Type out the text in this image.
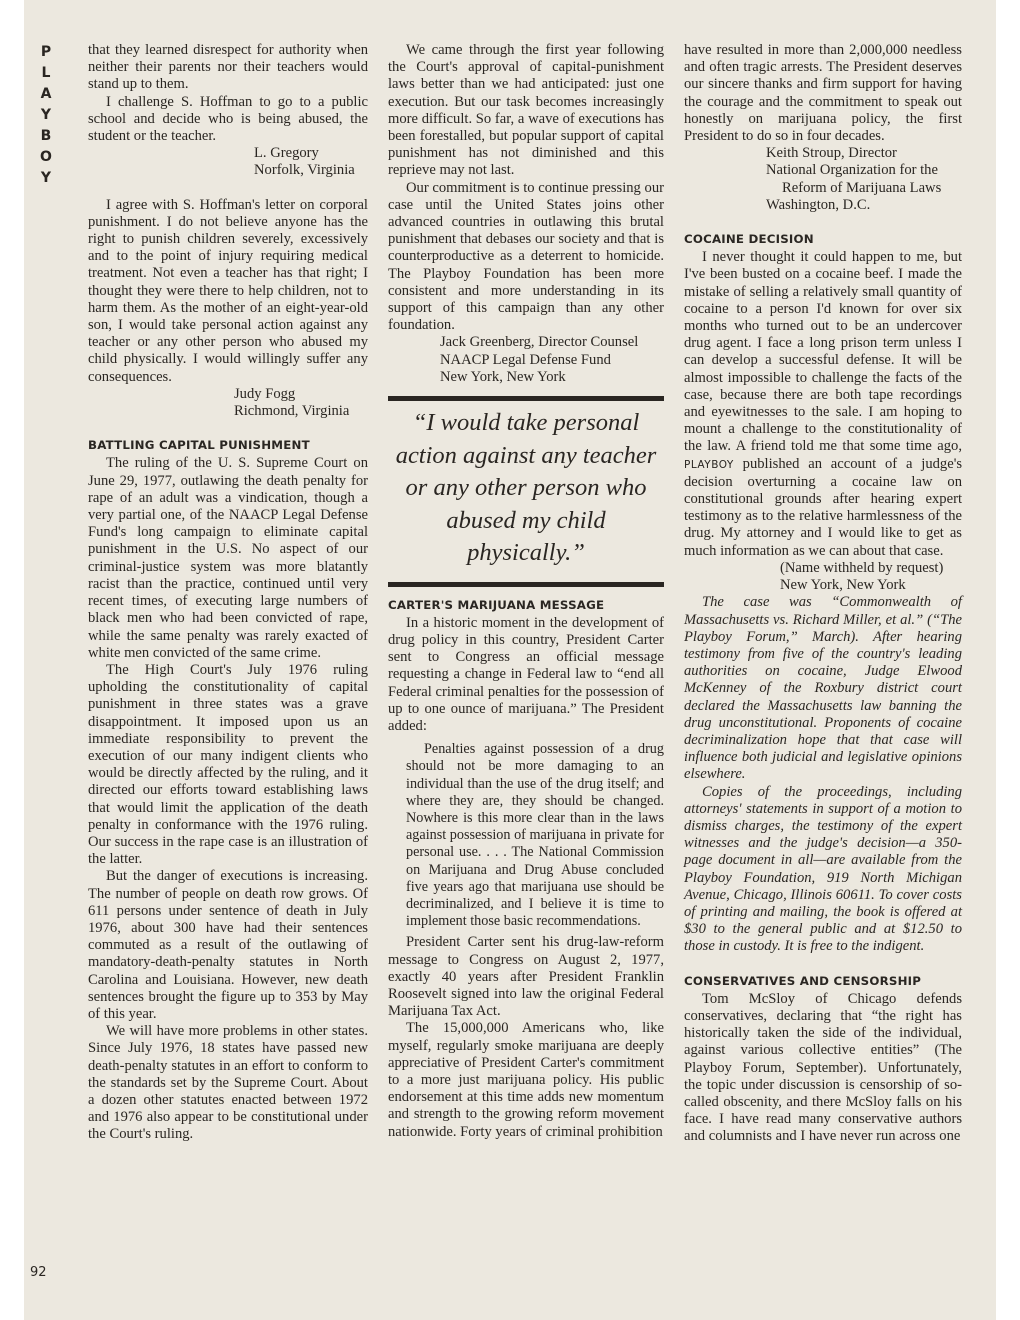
P
L
A
Y
B
O
Y
92

that they learned disrespect for authority when neither their parents nor their teachers would stand up to them.

I challenge S. Hoffman to go to a public school and decide who is being abused, the student or the teacher.

L. Gregory
Norfolk, Virginia

I agree with S. Hoffman's letter on corporal punishment. I do not believe anyone has the right to punish children severely, excessively and to the point of injury requiring medical treatment. Not even a teacher has that right; I thought they were there to help children, not to harm them. As the mother of an eight-year-old son, I would take personal action against any teacher or any other person who abused my child physically. I would willingly suffer any consequences.

Judy Fogg
Richmond, Virginia
BATTLING CAPITAL PUNISHMENT

The ruling of the U. S. Supreme Court on June 29, 1977, outlawing the death penalty for rape of an adult was a vindication, though a very partial one, of the NAACP Legal Defense Fund's long campaign to eliminate capital punishment in the U.S. No aspect of our criminal-justice system was more blatantly racist than the practice, continued until very recent times, of executing large numbers of black men who had been convicted of rape, while the same penalty was rarely exacted of white men convicted of the same crime.

The High Court's July 1976 ruling upholding the constitutionality of capital punishment in three states was a grave disappointment. It imposed upon us an immediate responsibility to prevent the execution of our many indigent clients who would be directly affected by the ruling, and it directed our efforts toward establishing laws that would limit the application of the death penalty in conformance with the 1976 ruling. Our success in the rape case is an illustration of the latter.

But the danger of executions is increasing. The number of people on death row grows. Of 611 persons under sentence of death in July 1976, about 300 have had their sentences commuted as a result of the outlawing of mandatory-death-penalty statutes in North Carolina and Louisiana. However, new death sentences brought the figure up to 353 by May of this year.

We will have more problems in other states. Since July 1976, 18 states have passed new death-penalty statutes in an effort to conform to the standards set by the Supreme Court. About a dozen other statutes enacted between 1972 and 1976 also appear to be constitutional under the Court's ruling.

We came through the first year following the Court's approval of capital-punishment laws better than we had anticipated: just one execution. But our task becomes increasingly more difficult. So far, a wave of executions has been forestalled, but popular support of capital punishment has not diminished and this reprieve may not last.

Our commitment is to continue pressing our case until the United States joins other advanced countries in outlawing this brutal punishment that debases our society and that is counterproductive as a deterrent to homicide. The Playboy Foundation has been more consistent and more understanding in its support of this campaign than any other foundation.

Jack Greenberg, Director Counsel
NAACP Legal Defense Fund
New York, New York
“I would take personal action against any teacher or any other person who abused my child physically.”
CARTER'S MARIJUANA MESSAGE

In a historic moment in the development of drug policy in this country, President Carter sent to Congress an official message requesting a change in Federal law to “end all Federal criminal penalties for the possession of up to one ounce of marijuana.” The President added:

Penalties against possession of a drug should not be more damaging to an individual than the use of the drug itself; and where they are, they should be changed. Nowhere is this more clear than in the laws against possession of marijuana in private for personal use. . . . The National Commission on Marijuana and Drug Abuse concluded five years ago that marijuana use should be decriminalized, and I believe it is time to implement those basic recommendations.

President Carter sent his drug-law-reform message to Congress on August 2, 1977, exactly 40 years after President Franklin Roosevelt signed into law the original Federal Marijuana Tax Act.

The 15,000,000 Americans who, like myself, regularly smoke marijuana are deeply appreciative of President Carter's commitment to a more just marijuana policy. His public endorsement at this time adds new momentum and strength to the growing reform movement nationwide. Forty years of criminal prohibition

have resulted in more than 2,000,000 needless and often tragic arrests. The President deserves our sincere thanks and firm support for having the courage and the commitment to speak out honestly on marijuana policy, the first President to do so in four decades.

Keith Stroup, Director
National Organization for the
Reform of Marijuana Laws
Washington, D.C.
COCAINE DECISION

I never thought it could happen to me, but I've been busted on a cocaine beef. I made the mistake of selling a relatively small quantity of cocaine to a person I'd known for over six months who turned out to be an undercover drug agent. I face a long prison term unless I can develop a successful defense. It will be almost impossible to challenge the facts of the case, because there are both tape recordings and eyewitnesses to the sale. I am hoping to mount a challenge to the constitutionality of the law. A friend told me that some time ago, PLAYBOY published an account of a judge's decision overturning a cocaine law on constitutional grounds after hearing expert testimony as to the relative harmlessness of the drug. My attorney and I would like to get as much information as we can about that case.

(Name withheld by request)
New York, New York

The case was “Commonwealth of Massachusetts vs. Richard Miller, et al.” (“The Playboy Forum,” March). After hearing testimony from five of the country's leading authorities on cocaine, Judge Elwood McKenney of the Roxbury district court declared the Massachusetts law banning the drug unconstitutional. Proponents of cocaine decriminalization hope that that case will influence both judicial and legislative opinions elsewhere.

Copies of the proceedings, including attorneys' statements in support of a motion to dismiss charges, the testimony of the expert witnesses and the judge's decision—a 350-page document in all—are available from the Playboy Foundation, 919 North Michigan Avenue, Chicago, Illinois 60611. To cover costs of printing and mailing, the book is offered at $30 to the general public and at $12.50 to those in custody. It is free to the indigent.

CONSERVATIVES AND CENSORSHIP

Tom McSloy of Chicago defends conservatives, declaring that “the right has historically taken the side of the individual, against various collective entities” (The Playboy Forum, September). Unfortunately, the topic under discussion is censorship of so-called obscenity, and there McSloy falls on his face. I have read many conservative authors and columnists and I have never run across one
